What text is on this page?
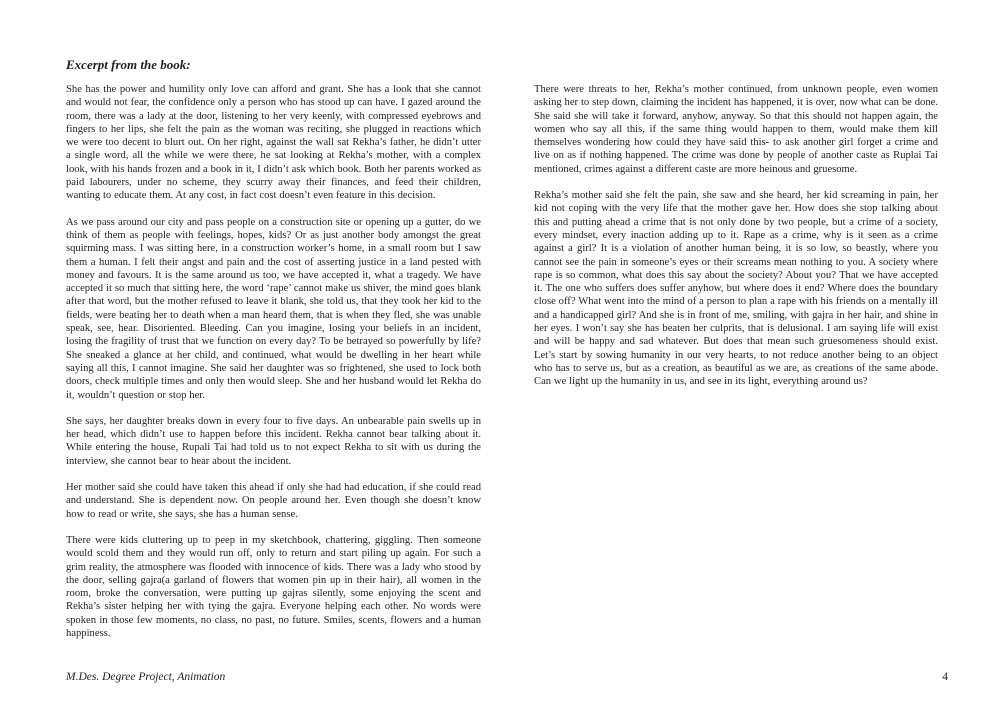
Excerpt from the book:

She has the power and humility only love can afford and grant. She has a look that she cannot and would not fear, the confidence only a person who has stood up can have. I gazed around the room, there was a lady at the door, listening to her very keenly, with compressed eyebrows and fingers to her lips, she felt the pain as the woman was reciting, she plugged in reactions which we were too decent to blurt out. On her right, against the wall sat Rekha’s father, he didn’t utter a single word, all the while we were there, he sat looking at Rekha’s mother, with a complex look, with his hands frozen and a book in it, I didn’t ask which book. Both her parents worked as paid labourers, under no scheme, they scurry away their finances, and feed their children, wanting to educate them. At any cost, in fact cost doesn’t even feature in this decision.

As we pass around our city and pass people on a construction site or opening up a gutter, do we think of them as people with feelings, hopes, kids? Or as just another body amongst the great squirming mass. I was sitting here, in a construction worker’s home, in a small room but I saw them a human. I felt their angst and pain and the cost of asserting justice in a land pested with money and favours. It is the same around us too, we have accepted it, what a tragedy. We have accepted it so much that sitting here, the word ‘rape’ cannot make us shiver, the mind goes blank after that word, but the mother refused to leave it blank, she told us, that they took her kid to the fields, were beating her to death when a man heard them, that is when they fled, she was unable speak, see, hear. Disoriented. Bleeding. Can you imagine, losing your beliefs in an incident, losing the fragility of trust that we function on every day? To be betrayed so powerfully by life? She sneaked a glance at her child, and continued, what would be dwelling in her heart while saying all this, I cannot imagine. She said her daughter was so frightened, she used to lock both doors, check multiple times and only then would sleep. She and her husband would let Rekha do it, wouldn’t question or stop her.

She says, her daughter breaks down in every four to five days. An unbearable pain swells up in her head, which didn’t use to happen before this incident. Rekha cannot bear talking about it. While entering the house, Rupali Tai had told us to not expect Rekha to sit with us during the interview, she cannot bear to hear about the incident.

Her mother said she could have taken this ahead if only she had had education, if she could read and understand. She is dependent now. On people around her. Even though she doesn’t know how to read or write, she says, she has a human sense.

There were kids cluttering up to peep in my sketchbook, chattering, giggling. Then someone would scold them and they would run off, only to return and start piling up again. For such a grim reality, the atmosphere was flooded with innocence of kids. There was a lady who stood by the door, selling gajra(a garland of flowers that women pin up in their hair), all women in the room, broke the conversation, were putting up gajras silently, some enjoying the scent and Rekha’s sister helping her with tying the gajra. Everyone helping each other. No words were spoken in those few moments, no class, no past, no future. Smiles, scents, flowers and a human happiness.

There were threats to her, Rekha’s mother continued, from unknown people, even women asking her to step down, claiming the incident has happened, it is over, now what can be done. She said she will take it forward, anyhow, anyway. So that this should not happen again, the women who say all this, if the same thing would happen to them, would make them kill themselves wondering how could they have said this- to ask another girl forget a crime and live on as if nothing happened. The crime was done by people of another caste as Ruplai Tai mentioned, crimes against a different caste are more heinous and gruesome.

Rekha’s mother said she felt the pain, she saw and she heard, her kid screaming in pain, her kid not coping with the very life that the mother gave her. How does she stop talking about this and putting ahead a crime that is not only done by two people, but a crime of a society, every mindset, every inaction adding up to it. Rape as a crime, why is it seen as a crime against a girl? It is a violation of another human being, it is so low, so beastly, where you cannot see the pain in someone’s eyes or their screams mean nothing to you. A society where rape is so common, what does this say about the society? About you? That we have accepted it. The one who suffers does suffer anyhow, but where does it end? Where does the boundary close off? What went into the mind of a person to plan a rape with his friends on a mentally ill and a handicapped girl? And she is in front of me, smiling, with gajra in her hair, and shine in her eyes. I won’t say she has beaten her culprits, that is delusional. I am saying life will exist and will be happy and sad whatever. But does that mean such gruesomeness should exist. Let’s start by sowing humanity in our very hearts, to not reduce another being to an object who has to serve us, but as a creation, as beautiful as we are, as creations of the same abode. Can we light up the humanity in us, and see in its light, everything around us?

M.Des. Degree Project, Animation	4
